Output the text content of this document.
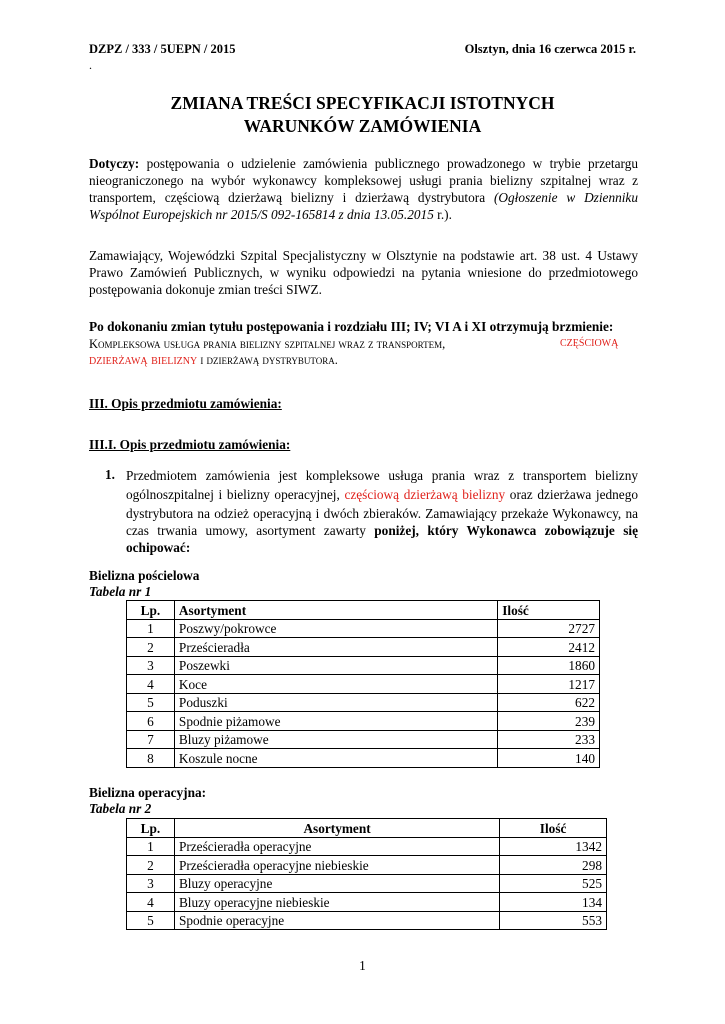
DZPZ / 333 / 5UEPN / 2015	Olsztyn, dnia 16 czerwca 2015 r.
.
ZMIANA TREŚCI SPECYFIKACJI ISTOTNYCH
WARUNKÓW ZAMÓWIENIA
Dotyczy: postępowania o udzielenie zamówienia publicznego prowadzonego w trybie przetargu
nieograniczonego na wybór wykonawcy kompleksowej usługi prania bielizny szpitalnej wraz z
transportem, częściową dzierżawą bielizny i dzierżawą dystrybutora (Ogłoszenie w Dzienniku
Wspólnot Europejskich nr 2015/S 092-165814 z dnia 13.05.2015 r.).
Zamawiający, Wojewódzki Szpital Specjalistyczny w Olsztynie na podstawie art. 38 ust. 4 Ustawy
Prawo Zamówień Publicznych, w wyniku odpowiedzi na pytania wniesione do przedmiotowego
postępowania dokonuje zmian treści SIWZ.
Po dokonaniu zmian tytułu postępowania i rozdziału III; IV; VI A i XI otrzymują brzmienie:
Kompleksowa usługa prania bielizny szpitalnej wraz z transportem,	częściową
dzierżawą bielizny i dzierżawą dystrybutora.
III. Opis przedmiotu zamówienia:
III.I. Opis przedmiotu zamówienia:
1. Przedmiotem zamówienia jest kompleksowe usługa prania wraz z transportem bielizny
ogólnoszpitalnej i bielizny operacyjnej, częściową dzierżawą bielizny oraz dzierżawa jednego
dystrybutora na odzież operacyjną i dwóch zbieraków. Zamawiający przekaże Wykonawcy, na
czas trwania umowy, asortyment zawarty poniżej, który Wykonawca zobowiązuje się
ochipować:
Bielizna pościelowa
Tabela nr 1
Lp.	Asortyment	Ilość
1	Poszwy/pokrowce	2727
2	Prześcieradła	2412
3	Poszewki	1860
4	Koce	1217
5	Poduszki	622
6	Spodnie piżamowe	239
7	Bluzy piżamowe	233
8	Koszule nocne	140
Bielizna operacyjna:
Tabela nr 2
Lp.	Asortyment	Ilość
1	Prześcieradła operacyjne	1342
2	Prześcieradła operacyjne niebieskie	298
3	Bluzy operacyjne	525
4	Bluzy operacyjne niebieskie	134
5	Spodnie operacyjne	553
1
